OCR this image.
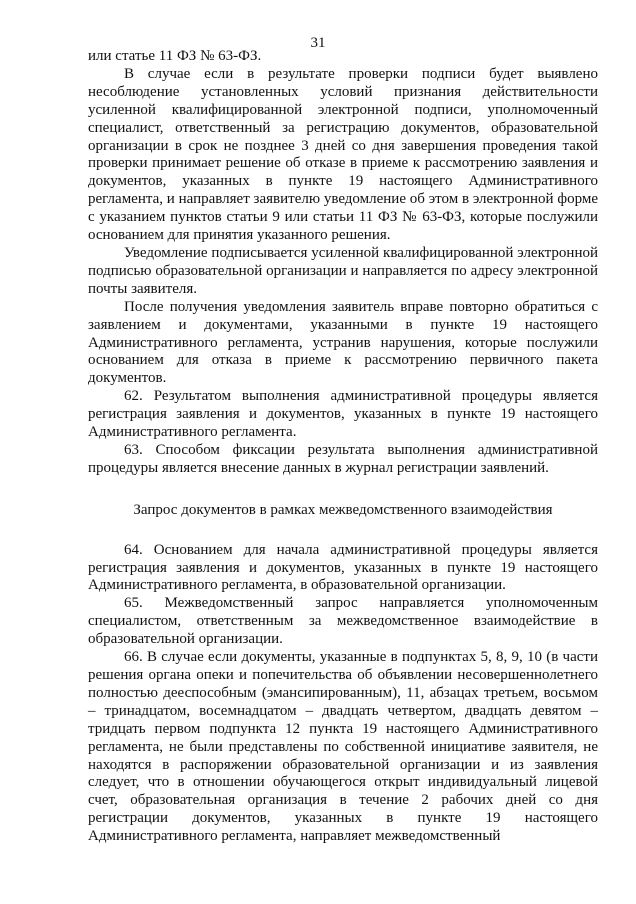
31

или статье 11 ФЗ № 63-ФЗ.

В случае если в результате проверки подписи будет выявлено несоблюдение установленных условий признания действительности усиленной квалифицированной электронной подписи, уполномоченный специалист, ответственный за регистрацию документов, образовательной организации в срок не позднее 3 дней со дня завершения проведения такой проверки принимает решение об отказе в приеме к рассмотрению заявления и документов, указанных в пункте 19 настоящего Административного регламента, и направляет заявителю уведомление об этом в электронной форме с указанием пунктов статьи 9 или статьи 11 ФЗ № 63-ФЗ, которые послужили основанием для принятия указанного решения.

Уведомление подписывается усиленной квалифицированной электронной подписью образовательной организации и направляется по адресу электронной почты заявителя.

После получения уведомления заявитель вправе повторно обратиться с заявлением и документами, указанными в пункте 19 настоящего Административного регламента, устранив нарушения, которые послужили основанием для отказа в приеме к рассмотрению первичного пакета документов.

62. Результатом выполнения административной процедуры является регистрация заявления и документов, указанных в пункте 19 настоящего Административного регламента.

63. Способом фиксации результата выполнения административной процедуры является внесение данных в журнал регистрации заявлений.

Запрос документов в рамках межведомственного взаимодействия

64. Основанием для начала административной процедуры является регистрация заявления и документов, указанных в пункте 19 настоящего Административного регламента, в образовательной организации.

65. Межведомственный запрос направляется уполномоченным специалистом, ответственным за межведомственное взаимодействие в образовательной организации.

66. В случае если документы, указанные в подпунктах 5, 8, 9, 10 (в части решения органа опеки и попечительства об объявлении несовершеннолетнего полностью дееспособным (эмансипированным), 11, абзацах третьем, восьмом – тринадцатом, восемнадцатом – двадцать четвертом, двадцать девятом – тридцать первом подпункта 12 пункта 19 настоящего Административного регламента, не были представлены по собственной инициативе заявителя, не находятся в распоряжении образовательной организации и из заявления следует, что в отношении обучающегося открыт индивидуальный лицевой счет, образовательная организация в течение 2 рабочих дней со дня регистрации документов, указанных в пункте 19 настоящего Административного регламента, направляет межведомственный
